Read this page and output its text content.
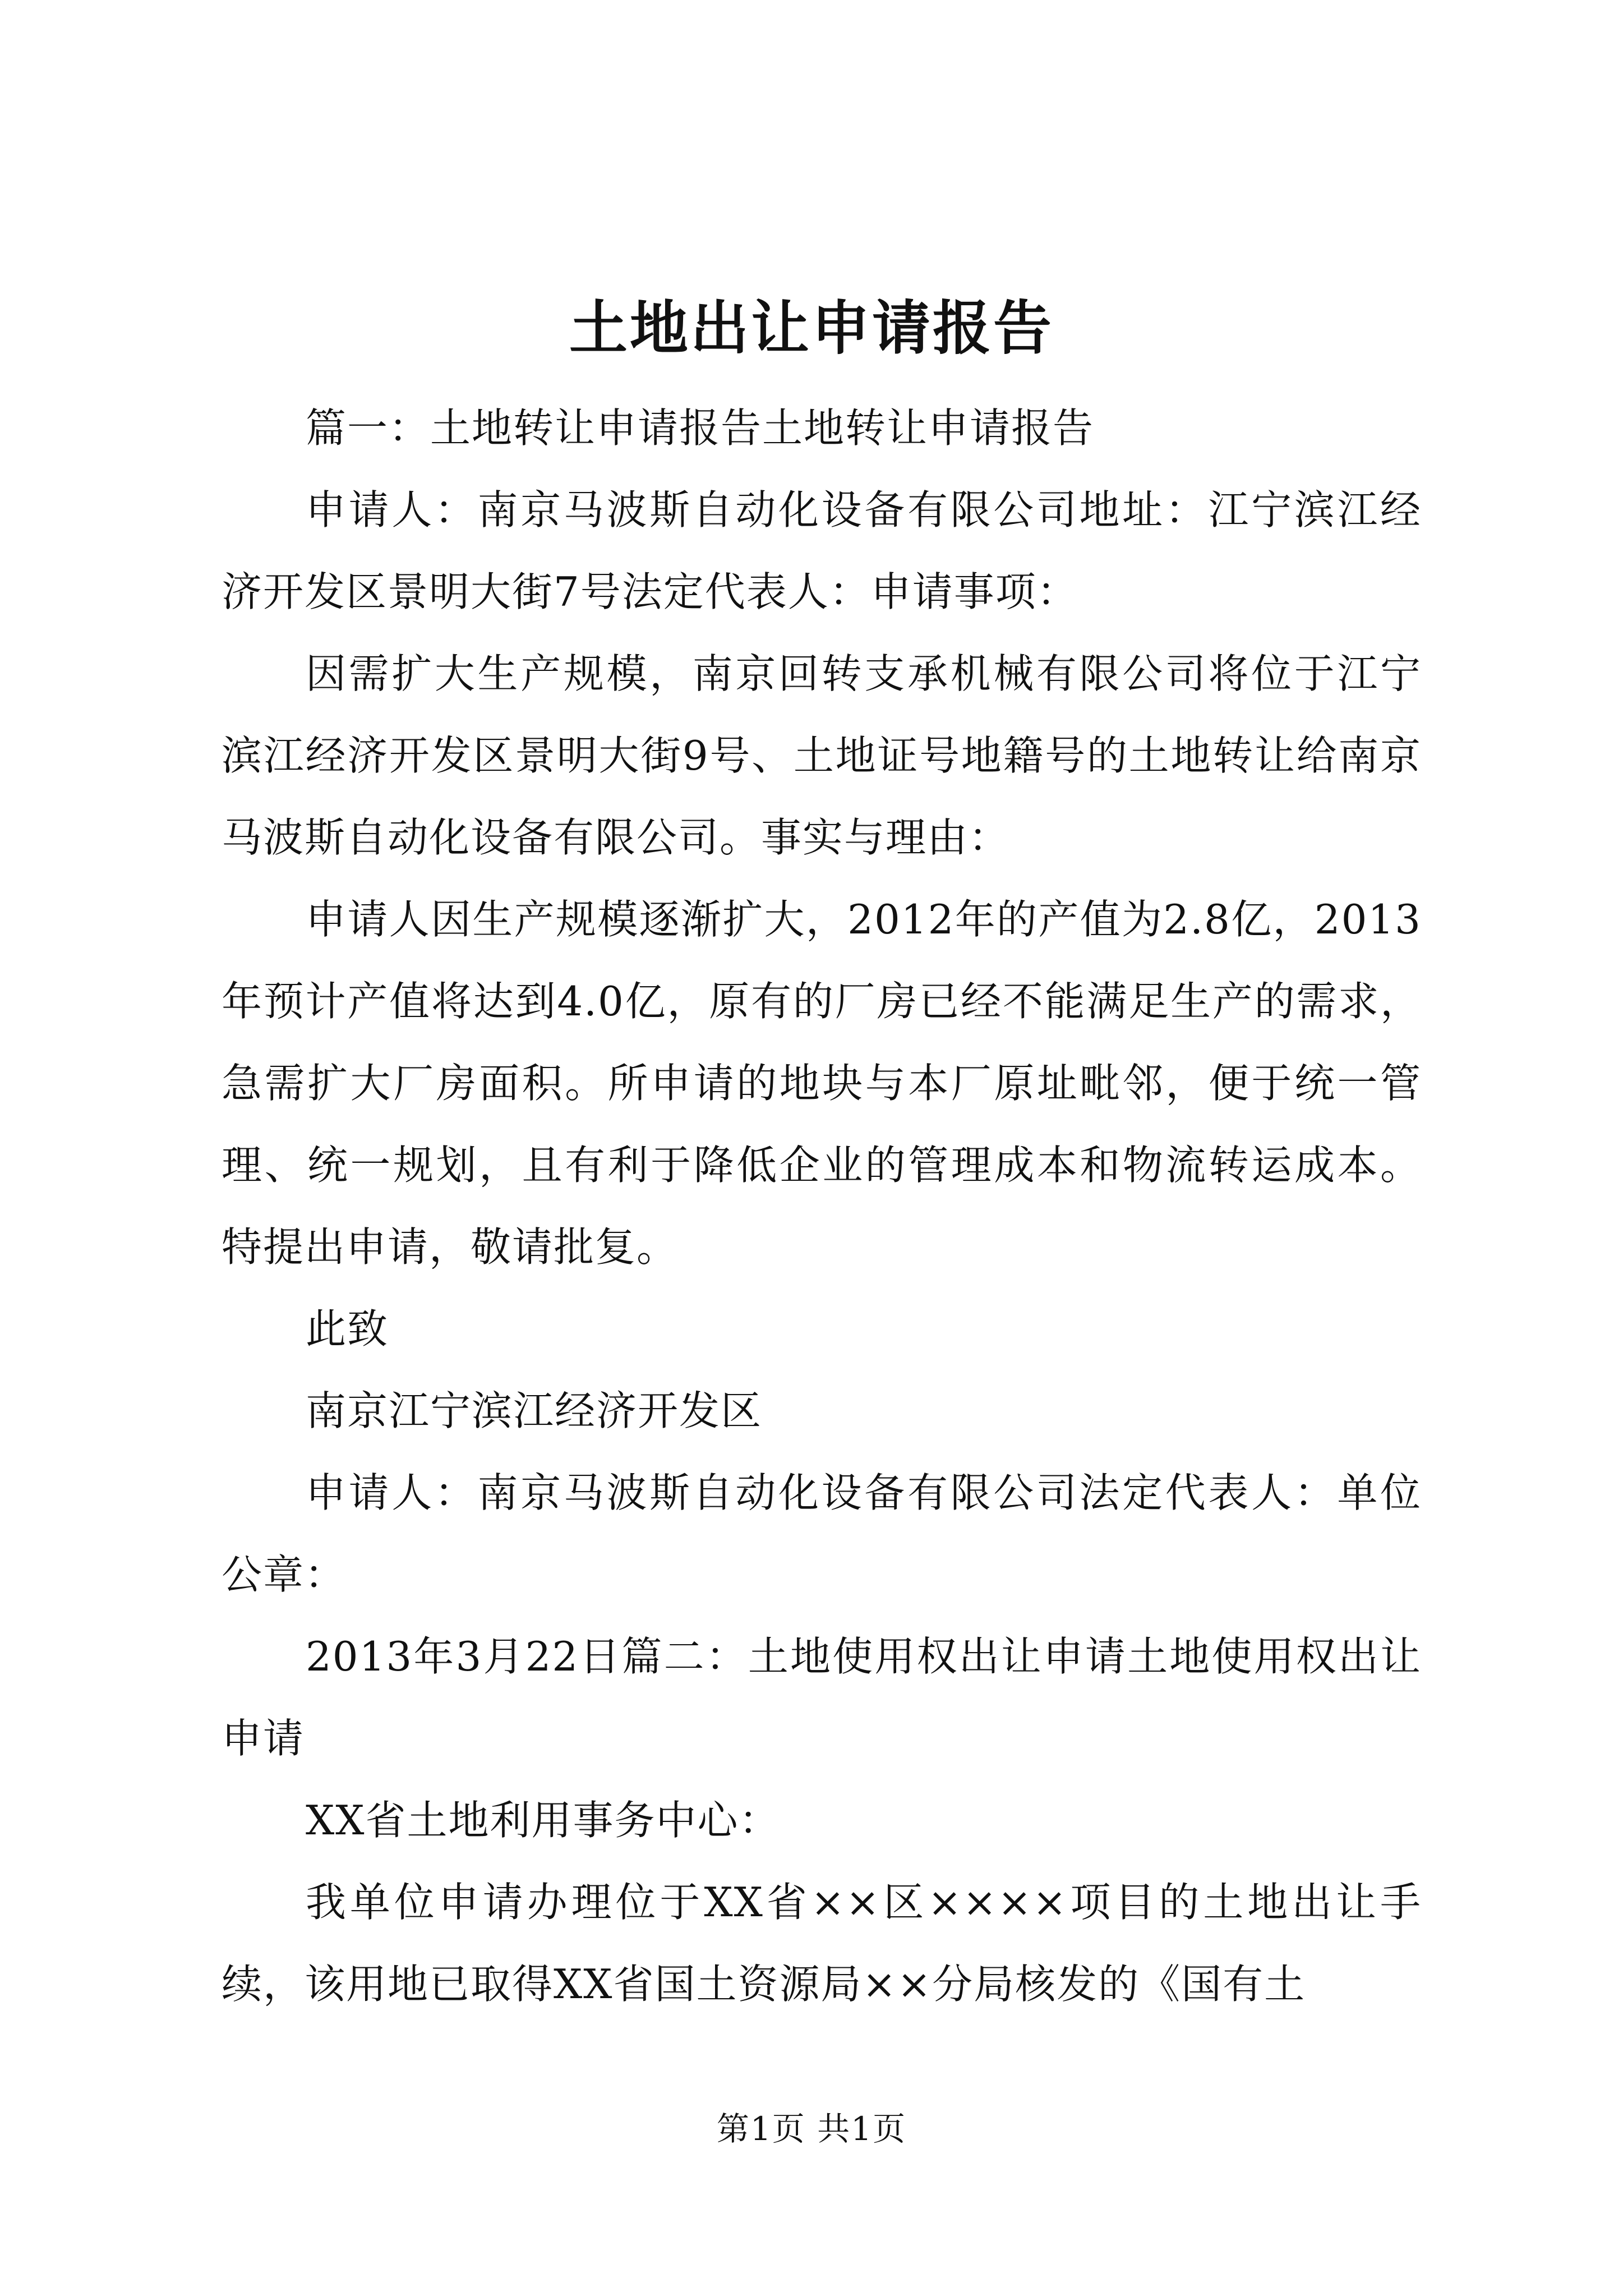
土地出让申请报告

篇一：土地转让申请报告土地转让申请报告

申请人：南京马波斯自动化设备有限公司地址：江宁滨江经济开发区景明大街7号法定代表人：申请事项：

因需扩大生产规模，南京回转支承机械有限公司将位于江宁滨江经济开发区景明大街9号、土地证号地籍号的土地转让给南京马波斯自动化设备有限公司。事实与理由：

申请人因生产规模逐渐扩大，2012年的产值为2.8亿，2013年预计产值将达到4.0亿，原有的厂房已经不能满足生产的需求，急需扩大厂房面积。所申请的地块与本厂原址毗邻，便于统一管理、统一规划，且有利于降低企业的管理成本和物流转运成本。特提出申请，敬请批复。

此致

南京江宁滨江经济开发区

申请人：南京马波斯自动化设备有限公司法定代表人：单位公章：

2013年3月22日篇二：土地使用权出让申请土地使用权出让申请

XX省土地利用事务中心：

我单位申请办理位于XX省××区××××项目的土地出让手续，该用地已取得XX省国土资源局××分局核发的《国有土

第1页 共1页
